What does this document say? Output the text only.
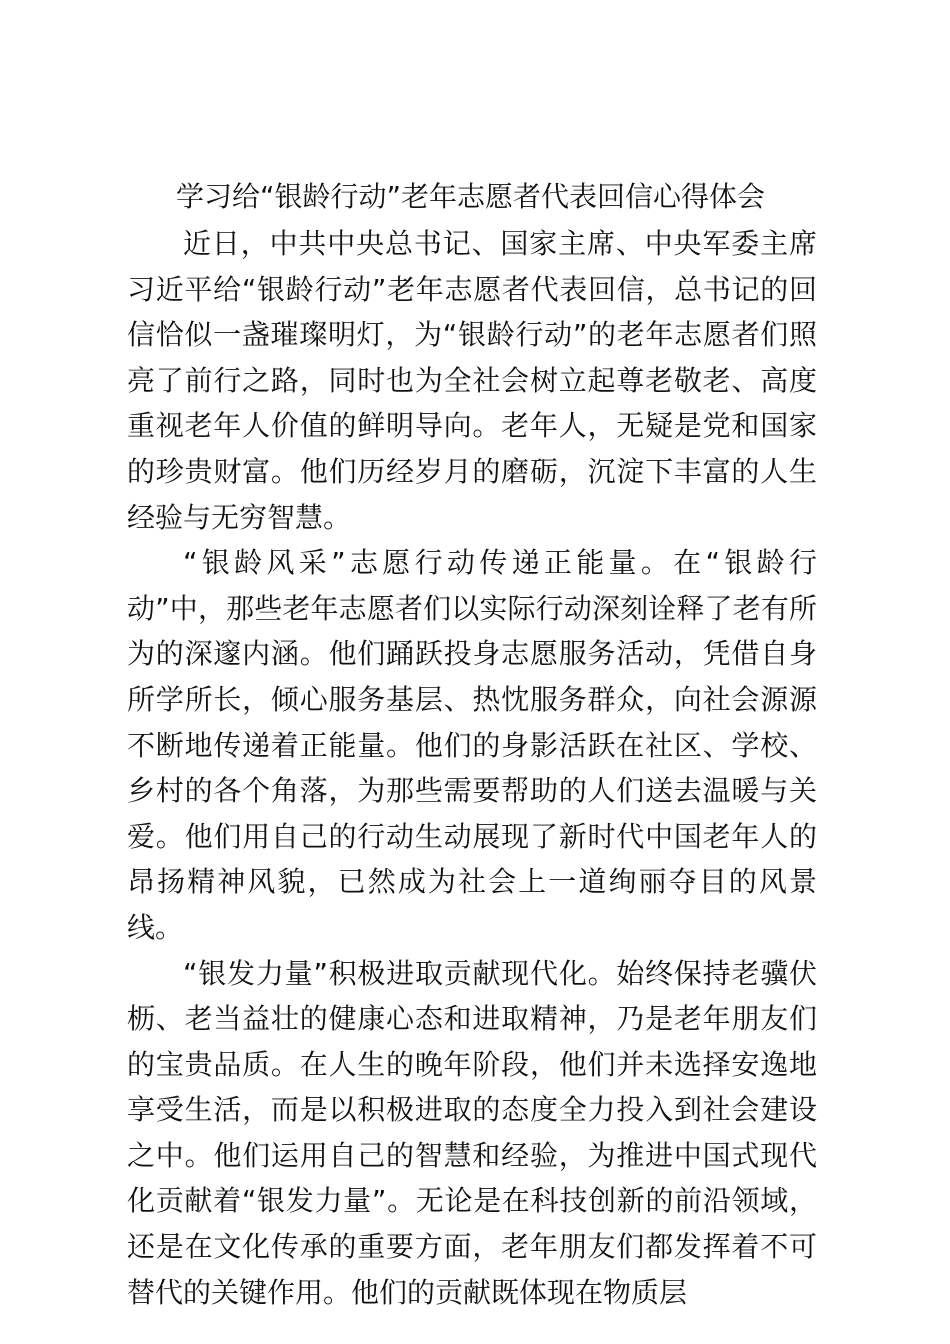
学习给“银龄行动”老年志愿者代表回信心得体会

近日，中共中央总书记、国家主席、中央军委主席习近平给“银龄行动”老年志愿者代表回信，总书记的回信恰似一盏璀璨明灯，为“银龄行动”的老年志愿者们照亮了前行之路，同时也为全社会树立起尊老敬老、高度重视老年人价值的鲜明导向。老年人，无疑是党和国家的珍贵财富。他们历经岁月的磨砺，沉淀下丰富的人生经验与无穷智慧。

“银龄风采”志愿行动传递正能量。在“银龄行动”中，那些老年志愿者们以实际行动深刻诠释了老有所为的深邃内涵。他们踊跃投身志愿服务活动，凭借自身所学所长，倾心服务基层、热忱服务群众，向社会源源不断地传递着正能量。他们的身影活跃在社区、学校、乡村的各个角落，为那些需要帮助的人们送去温暖与关爱。他们用自己的行动生动展现了新时代中国老年人的昂扬精神风貌，已然成为社会上一道绚丽夺目的风景线。

“银发力量”积极进取贡献现代化。始终保持老骥伏枥、老当益壮的健康心态和进取精神，乃是老年朋友们的宝贵品质。在人生的晚年阶段，他们并未选择安逸地享受生活，而是以积极进取的态度全力投入到社会建设之中。他们运用自己的智慧和经验，为推进中国式现代化贡献着“银发力量”。无论是在科技创新的前沿领域，还是在文化传承的重要方面，老年朋友们都发挥着不可替代的关键作用。他们的贡献既体现在物质层
